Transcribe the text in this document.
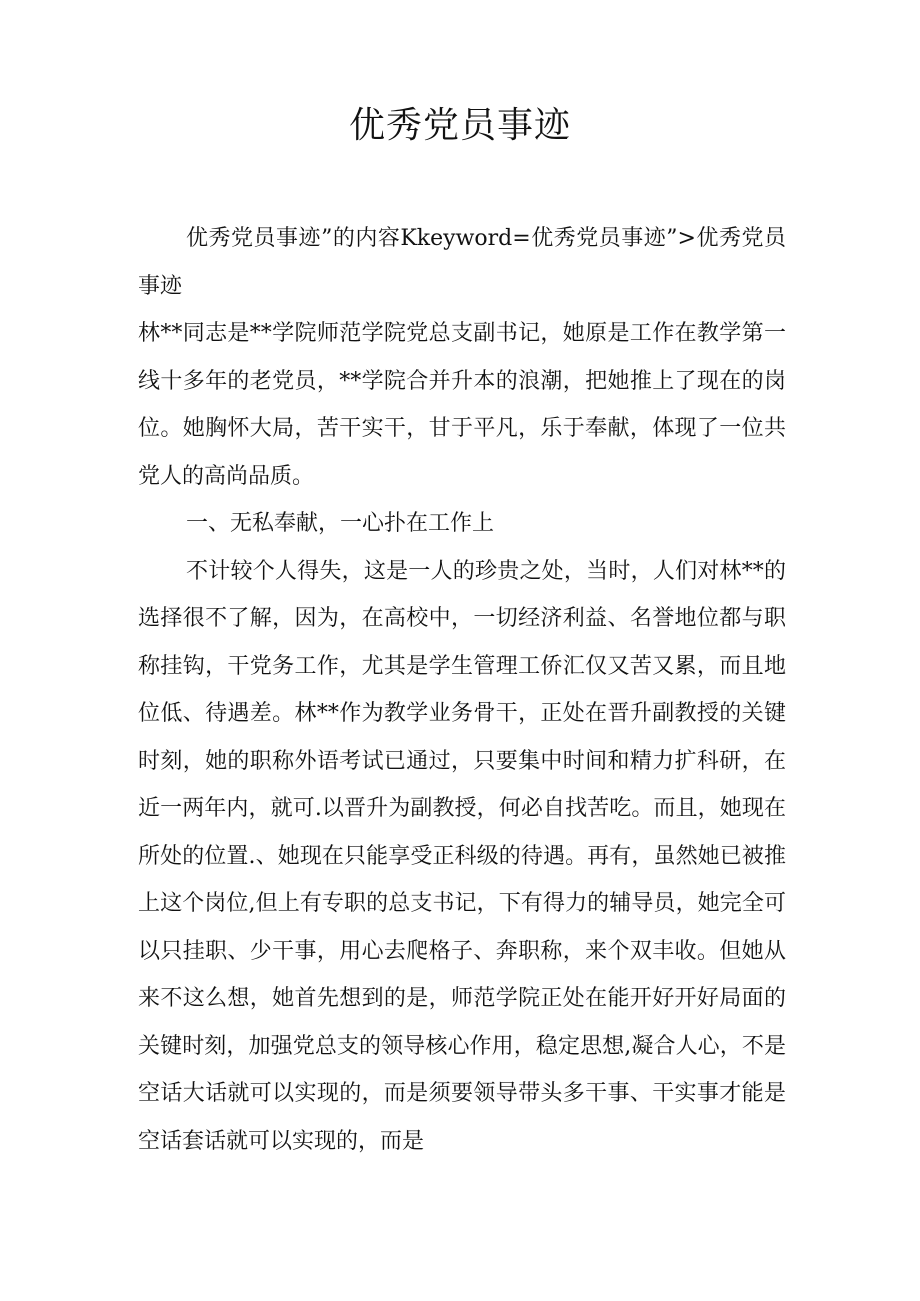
优秀党员事迹

优秀党员事迹”的内容Kkeyword=优秀党员事迹”>优秀党员事迹

林**同志是**学院师范学院党总支副书记，她原是工作在教学第一线十多年的老党员，**学院合并升本的浪潮，把她推上了现在的岗位。她胸怀大局，苦干实干，甘于平凡，乐于奉献，体现了一位共党人的高尚品质。

一、无私奉献，一心扑在工作上

不计较个人得失，这是一人的珍贵之处，当时，人们对林**的选择很不了解，因为，在高校中，一切经济利益、名誉地位都与职称挂钩，干党务工作，尤其是学生管理工侨汇仅又苦又累，而且地位低、待遇差。林**作为教学业务骨干，正处在晋升副教授的关键时刻，她的职称外语考试已通过，只要集中时间和精力扩科研，在近一两年内，就可.以晋升为副教授，何必自找苦吃。而且，她现在所处的位置.、她现在只能享受正科级的待遇。再有，虽然她已被推上这个岗位,但上有专职的总支书记，下有得力的辅导员，她完全可以只挂职、少干事，用心去爬格子、奔职称，来个双丰收。但她从来不这么想，她首先想到的是，师范学院正处在能开好开好局面的关键时刻，加强党总支的领导核心作用，稳定思想,凝合人心，不是空话大话就可以实现的，而是须要领导带头多干事、干实事才能是空话套话就可以实现的，而是
